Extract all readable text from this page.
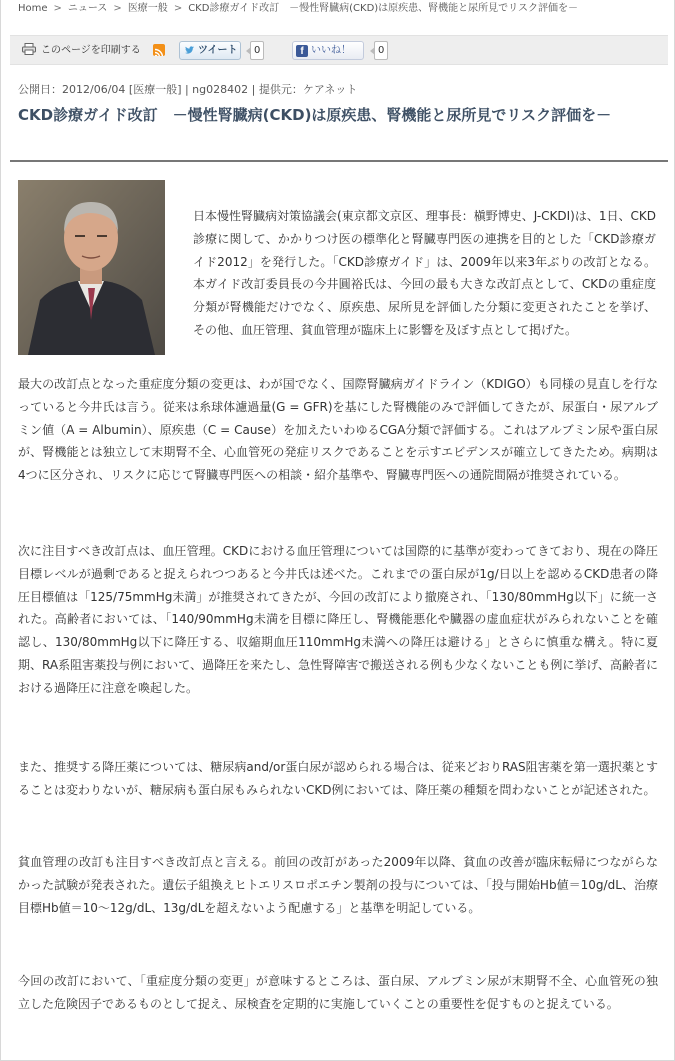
Home > ニュース > 医療一般 > CKD診療ガイド改訂　－慢性腎臓病(CKD)は原疾患、腎機能と尿所見でリスク評価を－
このページを印刷する	ツイート	0	f いいね！	0
公開日：2012/06/04 [医療一般] | ng028402 | 提供元：ケアネット
CKD診療ガイド改訂　－慢性腎臓病(CKD)は原疾患、腎機能と尿所見でリスク評価を－

日本慢性腎臓病対策協議会(東京都文京区、理事長：槇野博史、J-CKDI)は、1日、CKD診療に関して、かかりつけ医の標準化と腎臓専門医の連携を目的とした「CKD診療ガイド2012」を発行した。「CKD診療ガイド」は、2009年以来3年ぶりの改訂となる。本ガイド改訂委員長の今井圓裕氏は、今回の最も大きな改訂点として、CKDの重症度分類が腎機能だけでなく、原疾患、尿所見を評価した分類に変更されたことを挙げ、その他、血圧管理、貧血管理が臨床上に影響を及ぼす点として掲げた。

最大の改訂点となった重症度分類の変更は、わが国でなく、国際腎臓病ガイドライン（KDIGO）も同様の見直しを行なっていると今井氏は言う。従来は糸球体濾過量(G = GFR)を基にした腎機能のみで評価してきたが、尿蛋白・尿アルブミン値（A = Albumin）、原疾患（C = Cause）を加えたいわゆるCGA分類で評価する。これはアルブミン尿や蛋白尿が、腎機能とは独立して末期腎不全、心血管死の発症リスクであることを示すエビデンスが確立してきたため。病期は4つに区分され、リスクに応じて腎臓専門医への相談・紹介基準や、腎臓専門医への通院間隔が推奨されている。

次に注目すべき改訂点は、血圧管理。CKDにおける血圧管理については国際的に基準が変わってきており、現在の降圧目標レベルが過剰であると捉えられつつあると今井氏は述べた。これまでの蛋白尿が1g/日以上を認めるCKD患者の降圧目標値は「125/75mmHg未満」が推奨されてきたが、今回の改訂により撤廃され、「130/80mmHg以下」に統一された。高齢者においては、「140/90mmHg未満を目標に降圧し、腎機能悪化や臓器の虚血症状がみられないことを確認し、130/80mmHg以下に降圧する、収縮期血圧110mmHg未満への降圧は避ける」とさらに慎重な構え。特に夏期、RA系阻害薬投与例において、過降圧を来たし、急性腎障害で搬送される例も少なくないことも例に挙げ、高齢者における過降圧に注意を喚起した。

また、推奨する降圧薬については、糖尿病and/or蛋白尿が認められる場合は、従来どおりRAS阻害薬を第一選択薬とすることは変わりないが、糖尿病も蛋白尿もみられないCKD例においては、降圧薬の種類を問わないことが記述された。

貧血管理の改訂も注目すべき改訂点と言える。前回の改訂があった2009年以降、貧血の改善が臨床転帰につながらなかった試験が発表された。遺伝子組換えヒトエリスロポエチン製剤の投与については、「投与開始Hb値＝10g/dL、治療目標Hb値＝10～12g/dL、13g/dLを超えないよう配慮する」と基準を明記している。

今回の改訂において、「重症度分類の変更」が意味するところは、蛋白尿、アルブミン尿が末期腎不全、心血管死の独立した危険因子であるものとして捉え、尿検査を定期的に実施していくことの重要性を促すものと捉えている。
